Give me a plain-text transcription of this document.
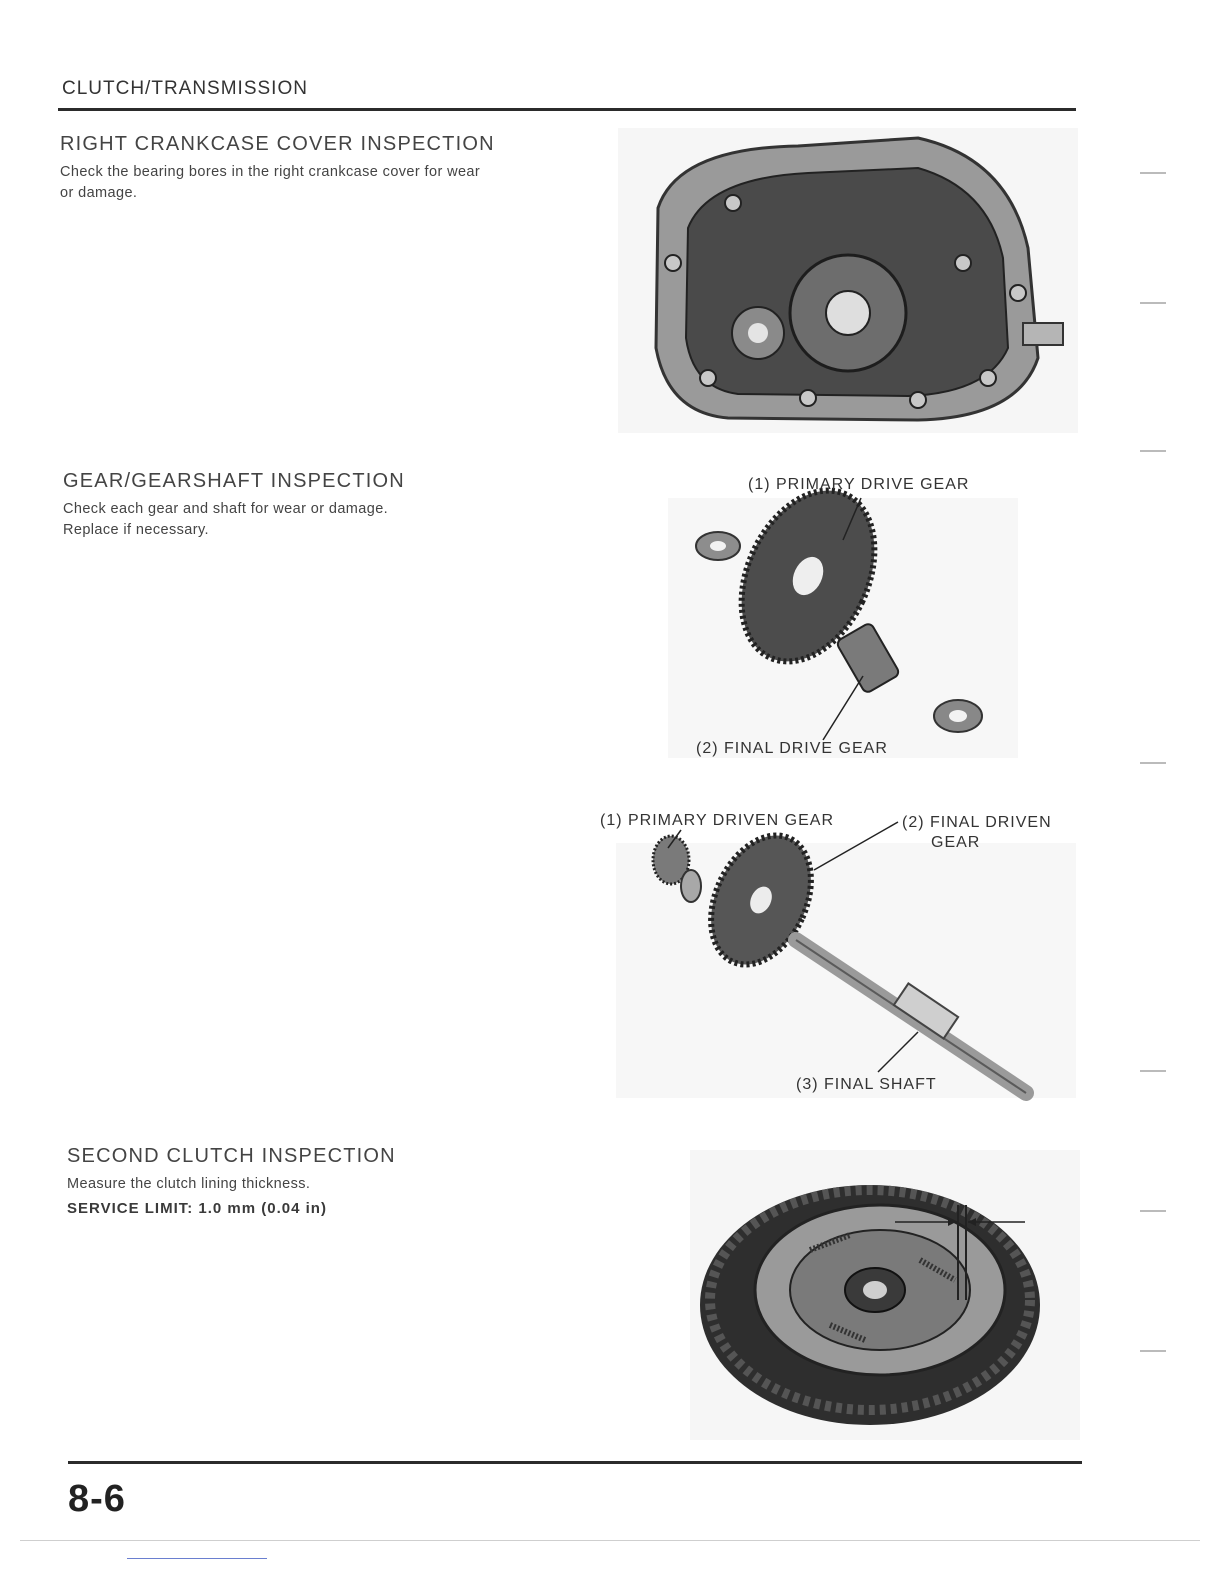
CLUTCH/TRANSMISSION
RIGHT CRANKCASE COVER INSPECTION
Check the bearing bores in the right crankcase cover for wear
or damage.
GEAR/GEARSHAFT INSPECTION
Check each gear and shaft for wear or damage.
Replace if necessary.
(1) PRIMARY DRIVE GEAR
(2) FINAL DRIVE GEAR
(1) PRIMARY DRIVEN GEAR	(2) FINAL DRIVEN
GEAR
(3) FINAL SHAFT
SECOND CLUTCH INSPECTION
Measure the clutch lining thickness.
SERVICE LIMIT: 1.0 mm (0.04 in)
8-6
